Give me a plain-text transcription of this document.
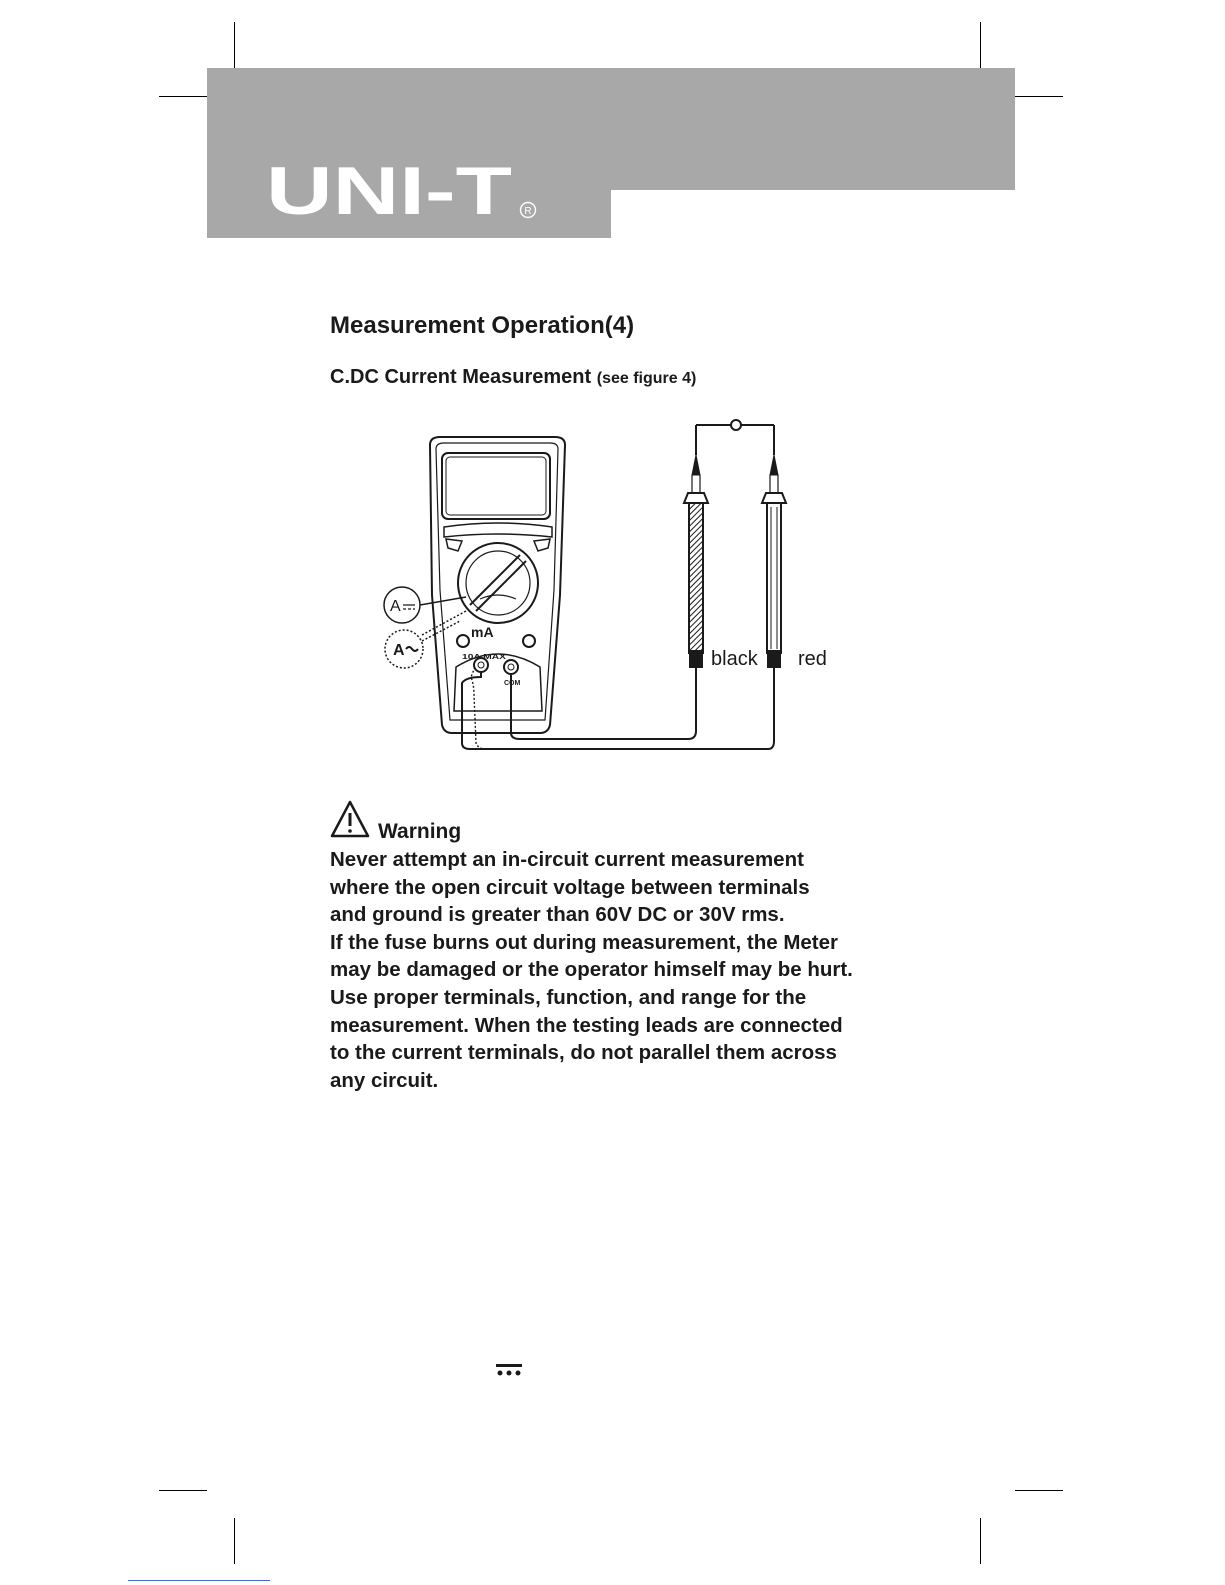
UNI-T R
Measurement Operation(4)
C.DC Current Measurement (see figure 4)
A
A
mA
10A MAX
COM
black red
Warning

Never attempt an in-circuit current measurement

where the open circuit voltage between terminals

and ground is greater than 60V DC or 30V rms.

If the fuse burns out during measurement, the Meter

may be damaged or the operator himself may be hurt.

Use proper terminals, function, and range for the

measurement. When the testing leads are connected

to the current terminals, do not parallel them across

any circuit.
